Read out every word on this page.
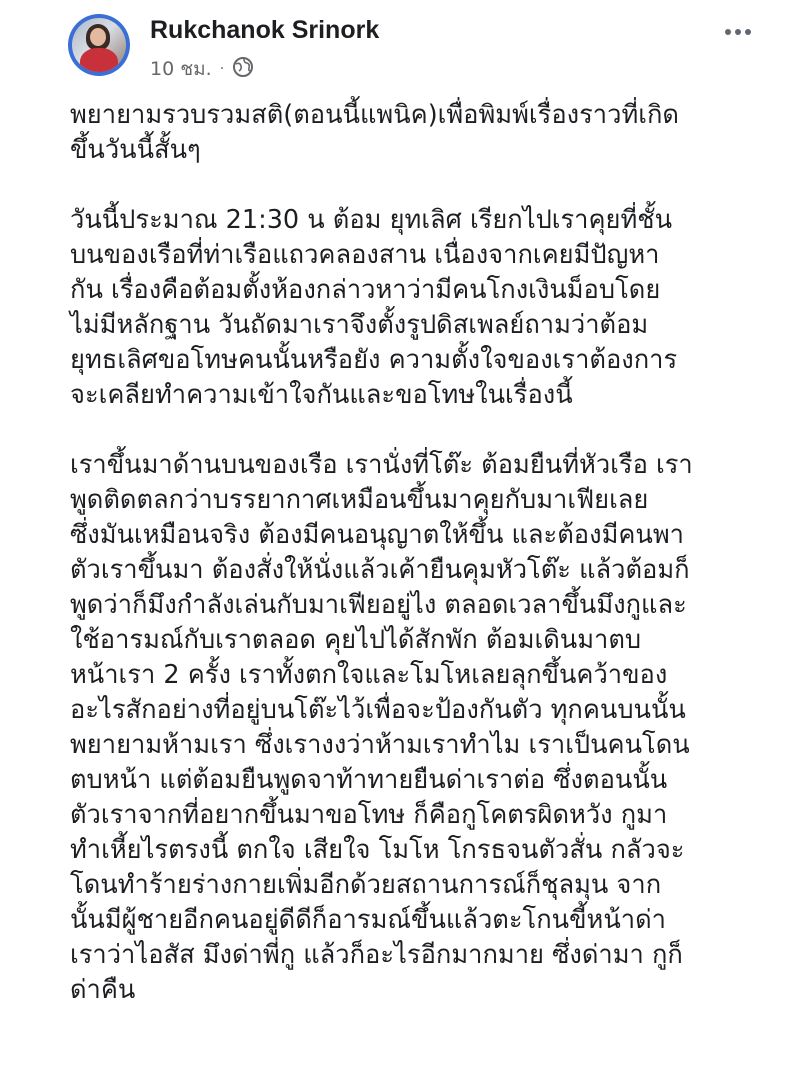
Rukchanok Srinork
10 ชม. ·
พยายามรวบรวมสติ(ตอนนี้แพนิค)เพื่อพิมพ์เรื่องราวที่เกิด
ขึ้นวันนี้สั้นๆ
วันนี้ประมาณ 21:30 น ต้อม ยุทเลิศ เรียกไปเราคุยที่ชั้น
บนของเรือที่ท่าเรือแถวคลองสาน เนื่องจากเคยมีปัญหา
กัน เรื่องคือต้อมตั้งห้องกล่าวหาว่ามีคนโกงเงินม็อบโดย
ไม่มีหลักฐาน วันถัดมาเราจึงตั้งรูปดิสเพลย์ถามว่าต้อม
ยุทธเลิศขอโทษคนนั้นหรือยัง ความตั้งใจของเราต้องการ
จะเคลียทำความเข้าใจกันและขอโทษในเรื่องนี้
เราขึ้นมาด้านบนของเรือ เรานั่งที่โต๊ะ ต้อมยืนที่หัวเรือ เรา
พูดติดตลกว่าบรรยากาศเหมือนขึ้นมาคุยกับมาเฟียเลย
ซึ่งมันเหมือนจริง ต้องมีคนอนุญาตให้ขึ้น และต้องมีคนพา
ตัวเราขึ้นมา ต้องสั่งให้นั่งแล้วเค้ายืนคุมหัวโต๊ะ แล้วต้อมก็
พูดว่าก็มึงกำลังเล่นกับมาเฟียอยู่ไง ตลอดเวลาขึ้นมึงกูและ
ใช้อารมณ์กับเราตลอด คุยไปได้สักพัก ต้อมเดินมาตบ
หน้าเรา 2 ครั้ง เราทั้งตกใจและโมโหเลยลุกขึ้นคว้าของ
อะไรสักอย่างที่อยู่บนโต๊ะไว้เพื่อจะป้องกันตัว ทุกคนบนนั้น
พยายามห้ามเรา ซึ่งเรางงว่าห้ามเราทำไม เราเป็นคนโดน
ตบหน้า แต่ต้อมยืนพูดจาท้าทายยืนด่าเราต่อ ซึ่งตอนนั้น
ตัวเราจากที่อยากขึ้นมาขอโทษ ก็คือกูโคตรผิดหวัง กูมา
ทำเหี้ยไรตรงนี้ ตกใจ เสียใจ โมโห โกรธจนตัวสั่น กลัวจะ
โดนทำร้ายร่างกายเพิ่มอีกด้วยสถานการณ์ก็ชุลมุน จาก
นั้นมีผู้ชายอีกคนอยู่ดีดีก็อารมณ์ขึ้นแล้วตะโกนขี้หน้าด่า
เราว่าไอสัส มึงด่าพี่กู แล้วก็อะไรอีกมากมาย ซึ่งด่ามา กูก็
ด่าคืน
